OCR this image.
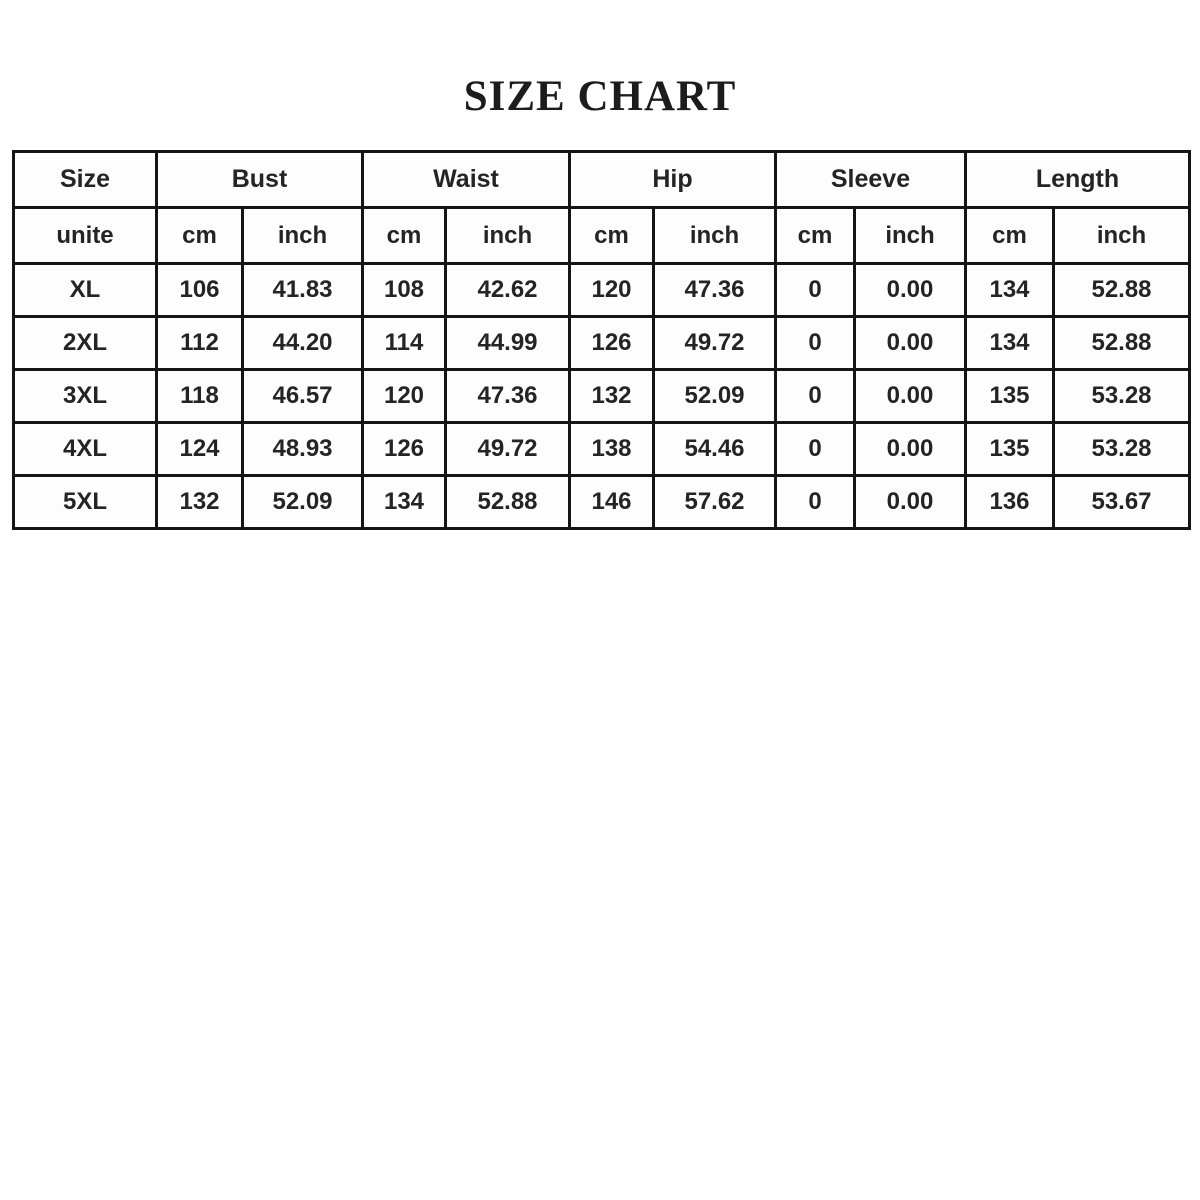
SIZE CHART
Size	Bust		Waist		Hip		Sleeve		Length	
unite	cm	inch	cm	inch	cm	inch	cm	inch	cm	inch
XL	106	41.83	108	42.62	120	47.36	0	0.00	134	52.88
2XL	112	44.20	114	44.99	126	49.72	0	0.00	134	52.88
3XL	118	46.57	120	47.36	132	52.09	0	0.00	135	53.28
4XL	124	48.93	126	49.72	138	54.46	0	0.00	135	53.28
5XL	132	52.09	134	52.88	146	57.62	0	0.00	136	53.67
